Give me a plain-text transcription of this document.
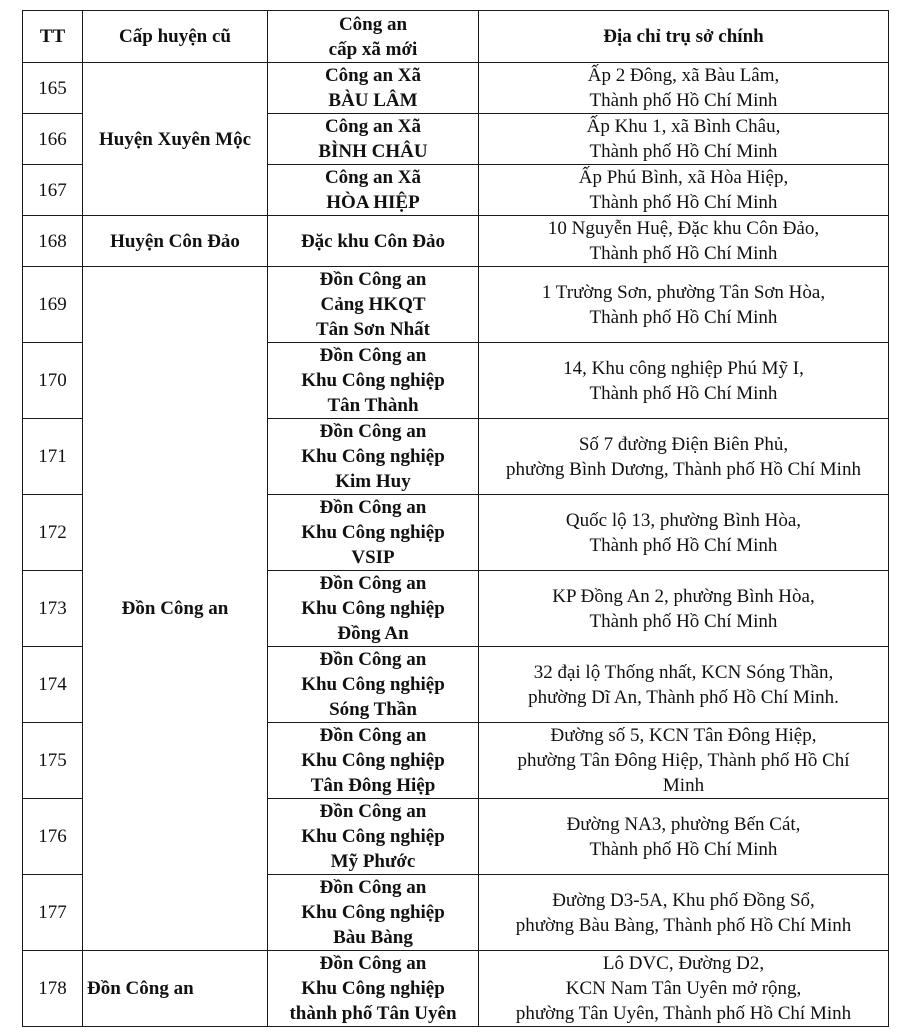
TT	Cấp huyện cũ	Công an
cấp xã mới	Địa chỉ trụ sở chính
165	Huyện Xuyên Mộc	Công an Xã
BÀU LÂM	Ấp 2 Đông, xã Bàu Lâm,
Thành phố Hồ Chí Minh

166		Công an Xã
BÌNH CHÂU	Ấp Khu 1, xã Bình Châu,
Thành phố Hồ Chí Minh

167		Công an Xã
HÒA HIỆP	Ấp Phú Bình, xã Hòa Hiệp,
Thành phố Hồ Chí Minh

168	Huyện Côn Đảo	Đặc khu Côn Đảo	10 Nguyễn Huệ, Đặc khu Côn Đảo,
Thành phố Hồ Chí Minh

169	Đồn Công an	Đồn Công an
Cảng HKQT
Tân Sơn Nhất	1 Trường Sơn, phường Tân Sơn Hòa,
Thành phố Hồ Chí Minh

170		Đồn Công an
Khu Công nghiệp
Tân Thành	14, Khu công nghiệp Phú Mỹ I,
Thành phố Hồ Chí Minh

171		Đồn Công an
Khu Công nghiệp
Kim Huy	Số 7 đường Điện Biên Phủ,
phường Bình Dương, Thành phố Hồ Chí Minh

172		Đồn Công an
Khu Công nghiệp
VSIP	Quốc lộ 13, phường Bình Hòa,
Thành phố Hồ Chí Minh

173		Đồn Công an
Khu Công nghiệp
Đồng An	KP Đồng An 2, phường Bình Hòa,
Thành phố Hồ Chí Minh

174		Đồn Công an
Khu Công nghiệp
Sóng Thần	32 đại lộ Thống nhất, KCN Sóng Thần,
phường Dĩ An, Thành phố Hồ Chí Minh.

175		Đồn Công an
Khu Công nghiệp
Tân Đông Hiệp	Đường số 5, KCN Tân Đông Hiệp,
phường Tân Đông Hiệp, Thành phố Hồ Chí
Minh

176		Đồn Công an
Khu Công nghiệp
Mỹ Phước	Đường NA3, phường Bến Cát,
Thành phố Hồ Chí Minh

177		Đồn Công an
Khu Công nghiệp
Bàu Bàng	Đường D3-5A, Khu phố Đồng Sổ,
phường Bàu Bàng, Thành phố Hồ Chí Minh

178	Đồn Công an	Đồn Công an
Khu Công nghiệp
thành phố Tân Uyên	Lô DVC, Đường D2,
KCN Nam Tân Uyên mở rộng,
phường Tân Uyên, Thành phố Hồ Chí Minh
